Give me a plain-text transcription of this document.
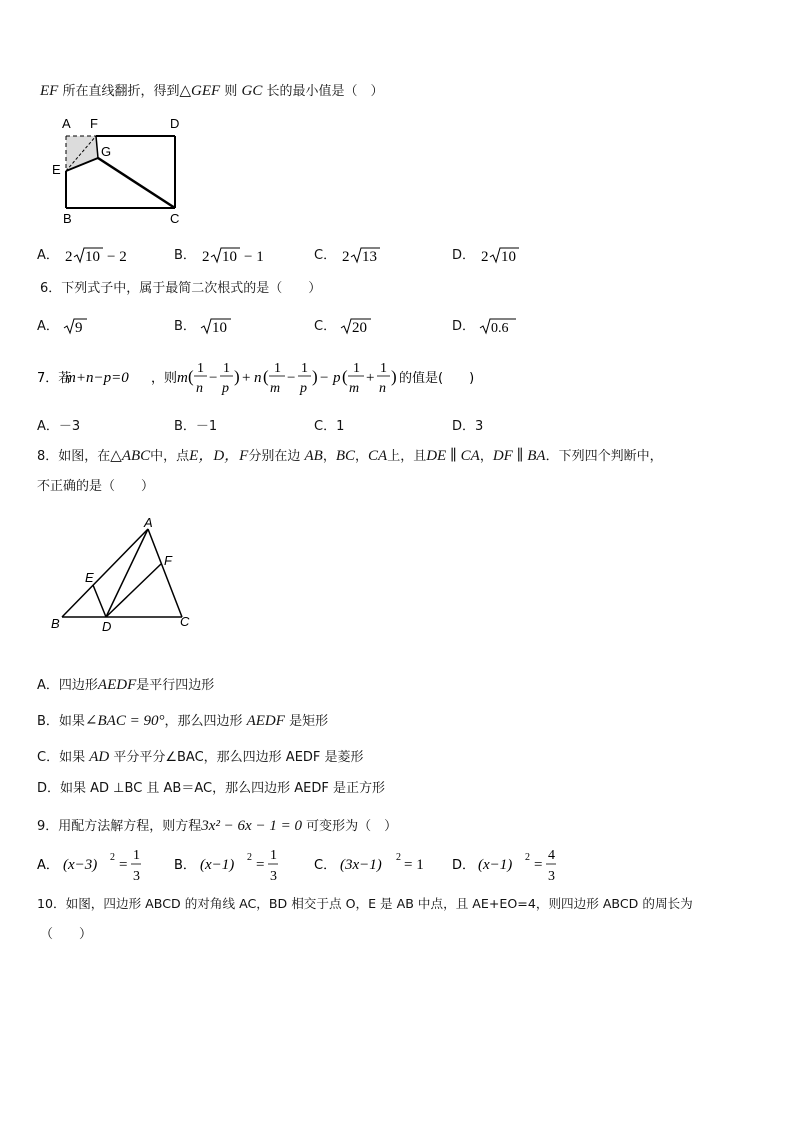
EF 所在直线翻折，得到△GEF 则 GC 长的最小值是（　）
A F	D
G
E
B	C
A． 2 10 − 2	B． 2 10 − 1	C． 2 13	D． 2 10
6．下列式子中，属于最简二次根式的是（　　）
A． 9	B． 10	C． 20	D． 0.6
7．若
m+n−p=0 ，则 m ( 1
n
−
1
p
) + n ( 1
m
−
1
p
) − p ( 1
m
+
1
n
) 的值是(　　)
A．－3	B．－1	C．1	D．3
8．如图，在△ABC中，点E，D，F分别在边 AB，BC，CA上，且DE ∥ CA，DF ∥ BA．下列四个判断中，
不正确的是（　　）
A
E
F
B	D	C
A．四边形AEDF是平行四边形
B．如果∠BAC = 90°，那么四边形 AEDF 是矩形
C．如果 AD 平分平分∠BAC，那么四边形 AEDF 是菱形
D．如果 AD ⊥BC 且 AB＝AC，那么四边形 AEDF 是正方形
9．用配方法解方程，则方程3x² − 6x − 1 = 0 可变形为（　）
A． (x−3) 2 =
1
3
B． (x−1) 2 =
1
3
C． (3x−1) 2 = 1 D． (x−1) 2 =
4
3
10．如图，四边形 ABCD 的对角线 AC，BD 相交于点 O，E 是 AB 中点，且 AE+EO=4，则四边形 ABCD 的周长为
（　　）
